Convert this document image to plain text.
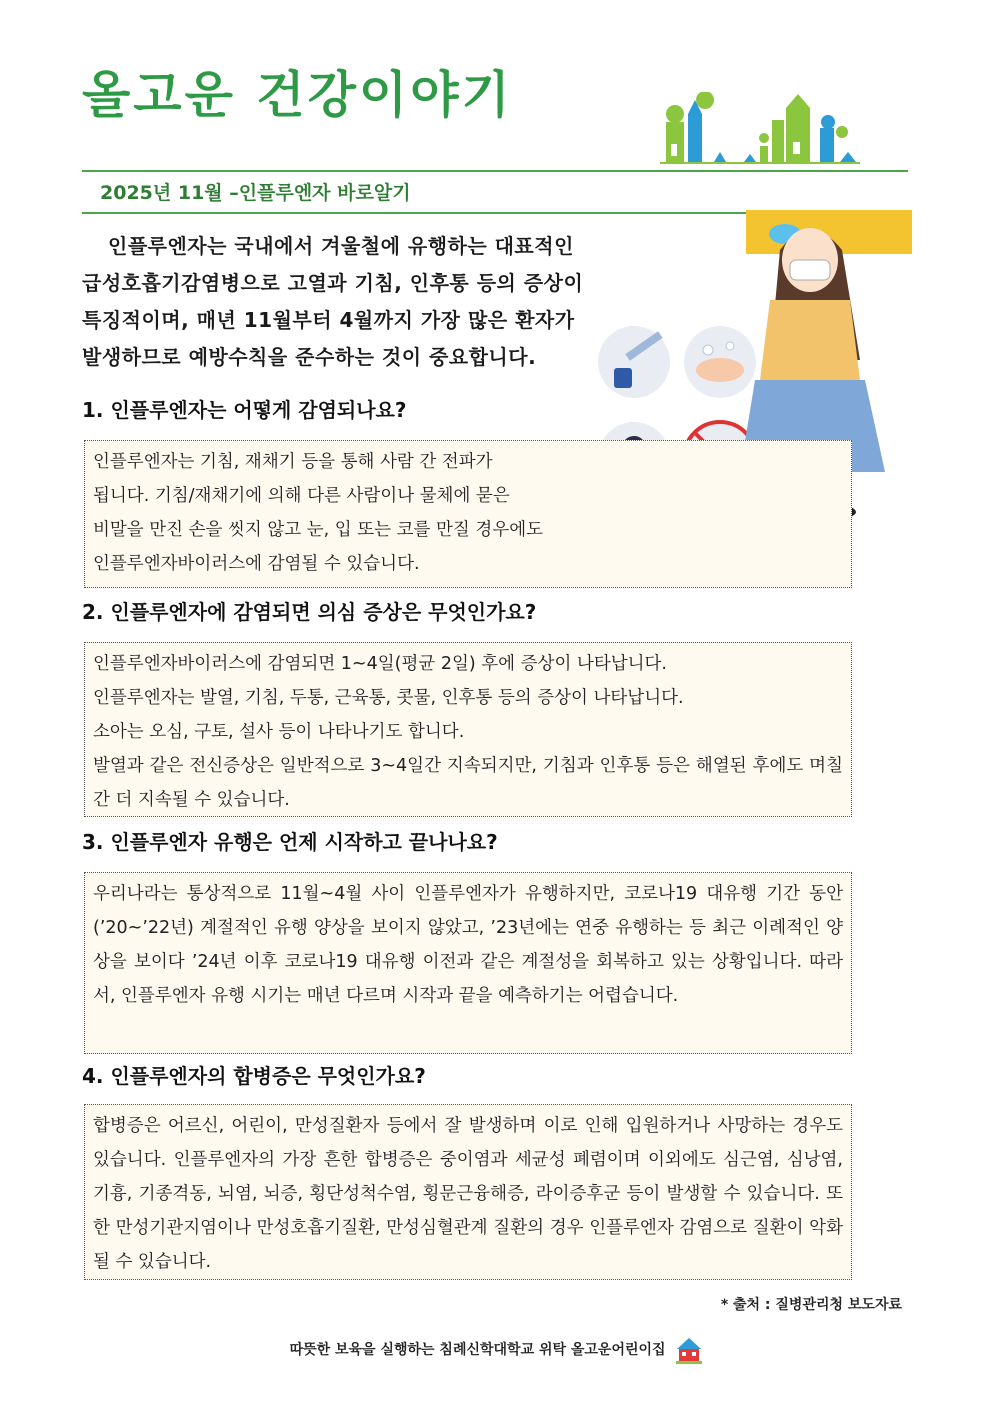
올고운 건강이야기
2025년 11월 –인플루엔자 바로알기

인플루엔자는 국내에서 겨울철에 유행하는 대표적인
급성호흡기감염병으로 고열과 기침, 인후통 등의 증상이
특징적이며, 매년 11월부터 4월까지 가장 많은 환자가
발생하므로 예방수칙을 준수하는 것이 중요합니다.

1. 인플루엔자는 어떻게 감염되나요?

인플루엔자는 기침, 재채기 등을 통해 사람 간 전파가

됩니다. 기침/재채기에 의해 다른 사람이나 물체에 묻은

비말을 만진 손을 씻지 않고 눈, 입 또는 코를 만질 경우에도

인플루엔자바이러스에 감염될 수 있습니다.

2. 인플루엔자에 감염되면 의심 증상은 무엇인가요?

인플루엔자바이러스에 감염되면 1~4일(평균 2일) 후에 증상이 나타납니다.

인플루엔자는 발열, 기침, 두통, 근육통, 콧물, 인후통 등의 증상이 나타납니다.

소아는 오심, 구토, 설사 등이 나타나기도 합니다.

발열과 같은 전신증상은 일반적으로 3~4일간 지속되지만, 기침과 인후통 등은 해열된 후에도 며칠간 더 지속될 수 있습니다.

3. 인플루엔자 유행은 언제 시작하고 끝나나요?

우리나라는 통상적으로 11월~4월 사이 인플루엔자가 유행하지만, 코로나19 대유행 기간 동안(’20~’22년) 계절적인 유행 양상을 보이지 않았고, ’23년에는 연중 유행하는 등 최근 이례적인 양상을 보이다 ’24년 이후 코로나19 대유행 이전과 같은 계절성을 회복하고 있는 상황입니다. 따라서, 인플루엔자 유행 시기는 매년 다르며 시작과 끝을 예측하기는 어렵습니다.

4. 인플루엔자의 합병증은 무엇인가요?

합병증은 어르신, 어린이, 만성질환자 등에서 잘 발생하며 이로 인해 입원하거나 사망하는 경우도 있습니다. 인플루엔자의 가장 흔한 합병증은 중이염과 세균성 폐렴이며 이외에도 심근염, 심낭염, 기흉, 기종격동, 뇌염, 뇌증, 횡단성척수염, 횡문근융해증, 라이증후군 등이 발생할 수 있습니다. 또한 만성기관지염이나 만성호흡기질환, 만성심혈관계 질환의 경우 인플루엔자 감염으로 질환이 악화될 수 있습니다.

* 출처 : 질병관리청 보도자료

따뜻한 보육을 실행하는 침례신학대학교 위탁 올고운어린이집
